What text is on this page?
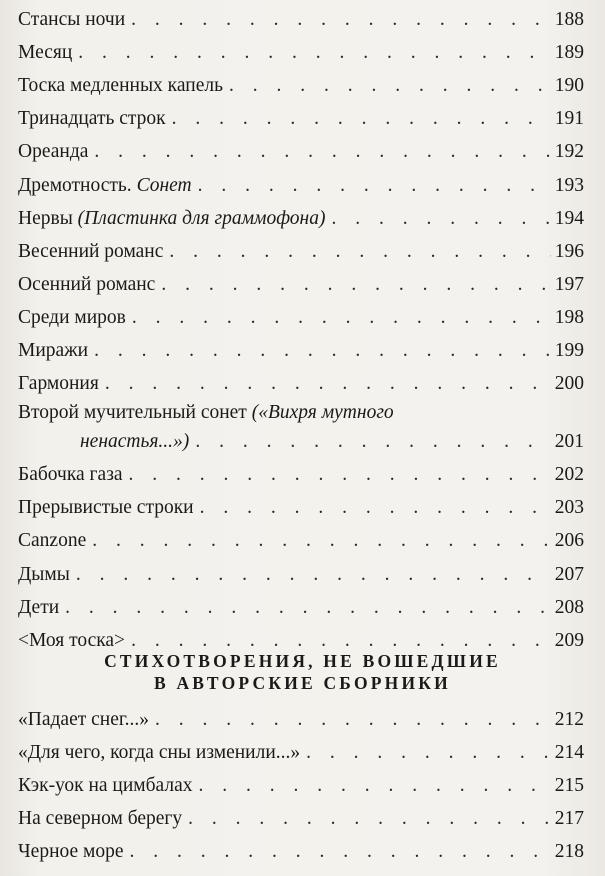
Стансы ночи . . .	188
Месяц . . .	189
Тоска медленных капель . . .	190
Тринадцать строк . . .	191
Ореанда . . .	192
Дремотность. Сонет . . .	193
Нервы (Пластинка для граммофона) . . .	194
Весенний романс . . .	196
Осенний романс . . .	197
Среди миров . . .	198
Миражи . . .	199
Гармония . . .	200
Второй мучительный сонет («Вихря мутного
ненастья...») . . .	201
Бабочка газа . . .	202
Прерывистые строки . . .	203
Canzone . . .	206
Дымы . . .	207
Дети . . .	208
<Моя тоска> . . .	209
СТИХОТВОРЕНИЯ, НЕ ВОШЕДШИЕ
В АВТОРСКИЕ СБОРНИКИ
«Падает снег...» . . .	212
«Для чего, когда сны изменили...» . . .	214
Кэк-уок на цимбалах . . .	215
На северном берегу . . .	217
Черное море . . .	218
